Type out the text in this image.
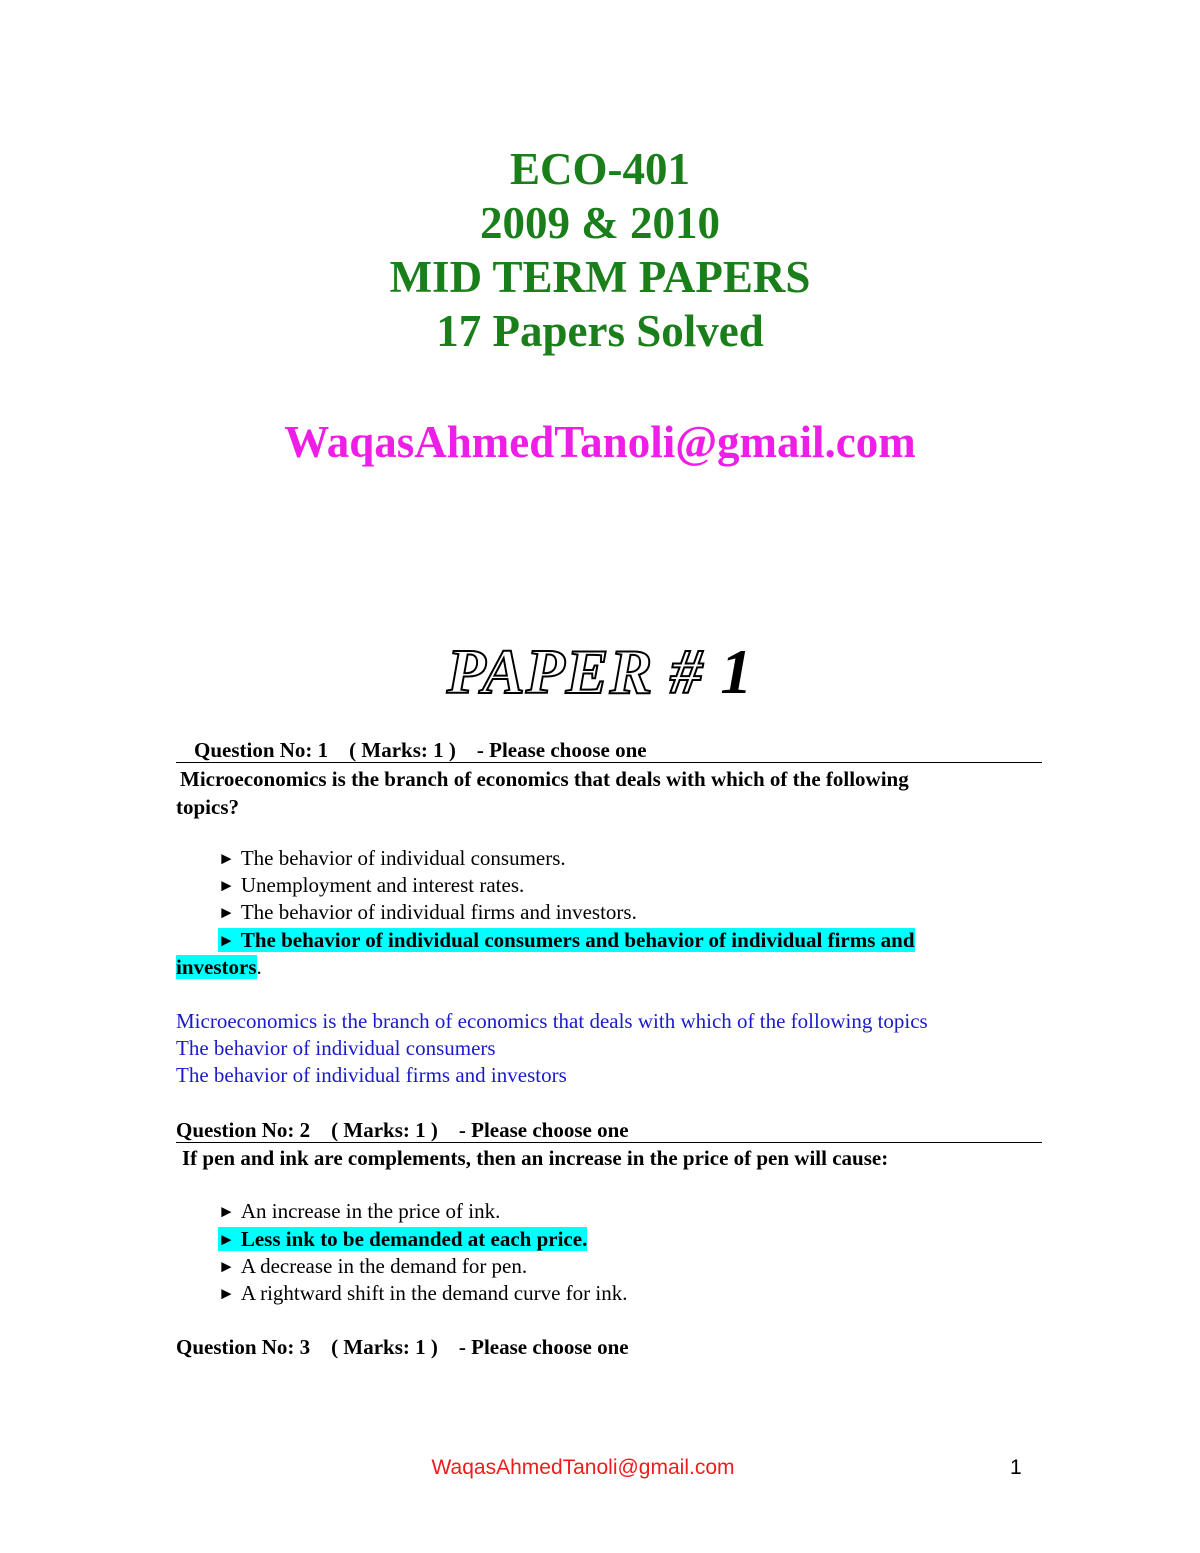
ECO-401
2009 & 2010
MID TERM PAPERS
17 Papers Solved
WaqasAhmedTanoli@gmail.com
PAPER # 1
Question No: 1    ( Marks: 1 )    - Please choose one
Microeconomics is the branch of economics that deals with which of the following
topics?
► The behavior of individual consumers.
► Unemployment and interest rates.
► The behavior of individual firms and investors.
► The behavior of individual consumers and behavior of individual firms and
investors.
Microeconomics is the branch of economics that deals with which of the following topics
The behavior of individual consumers
The behavior of individual firms and investors
Question No: 2    ( Marks: 1 )    - Please choose one
If pen and ink are complements, then an increase in the price of pen will cause:
► An increase in the price of ink.
► Less ink to be demanded at each price.
► A decrease in the demand for pen.
► A rightward shift in the demand curve for ink.
Question No: 3    ( Marks: 1 )    - Please choose one
WaqasAhmedTanoli@gmail.com	1
